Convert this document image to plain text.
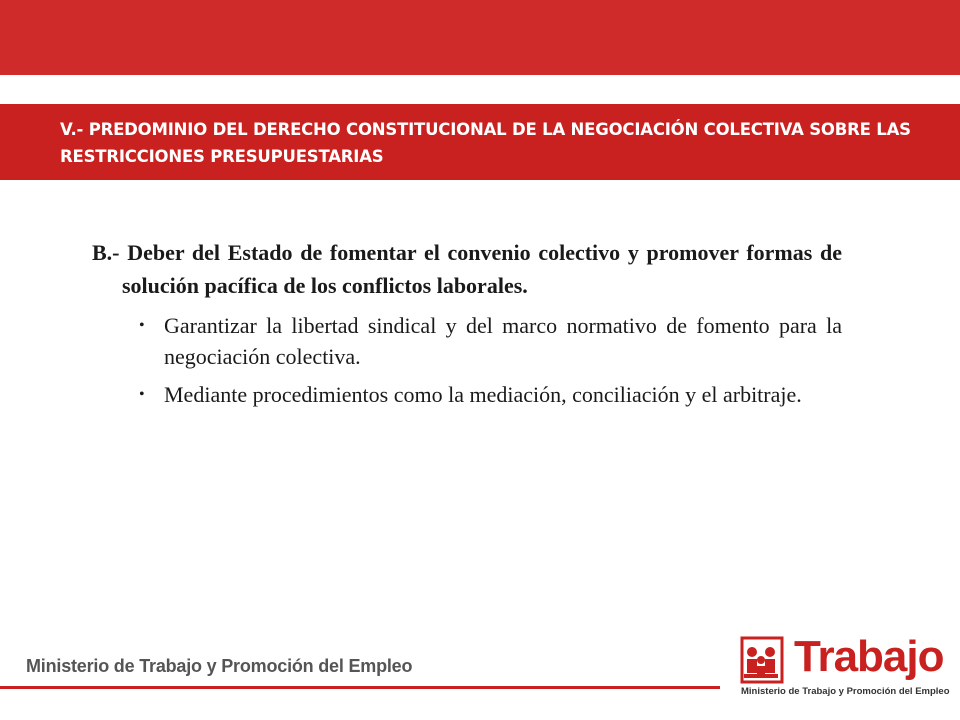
V.- PREDOMINIO DEL DERECHO CONSTITUCIONAL DE LA NEGOCIACIÓN COLECTIVA SOBRE LAS RESTRICCIONES PRESUPUESTARIAS

B.- Deber del Estado de fomentar el convenio colectivo y promover formas de solución pacífica de los conflictos laborales.

• Garantizar la libertad sindical y del marco normativo de fomento para la negociación colectiva.
• Mediante procedimientos como la mediación, conciliación y el arbitraje.
Ministerio de Trabajo y Promoción del Empleo	Trabajo
Ministerio de Trabajo y Promoción del Empleo
